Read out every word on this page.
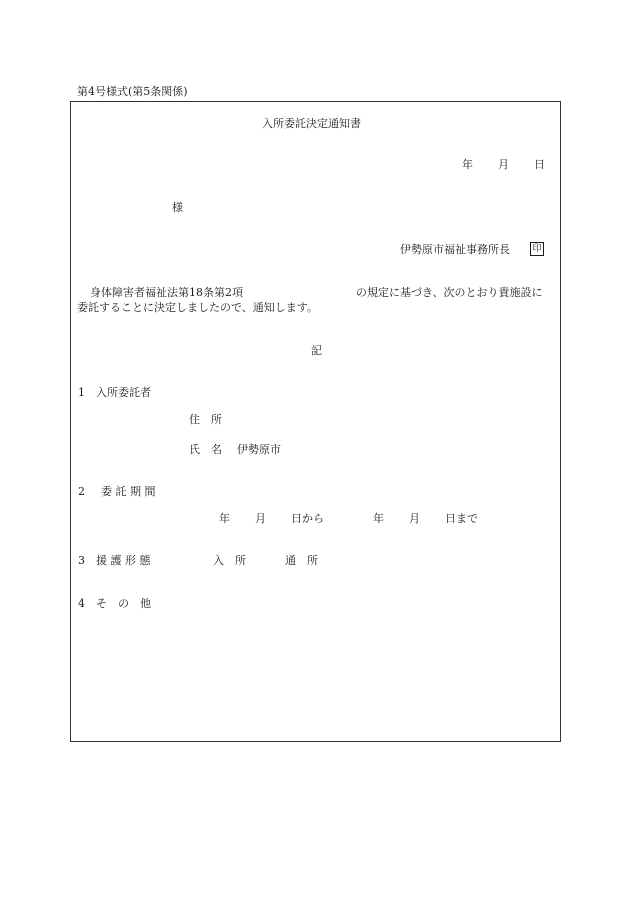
第4号様式(第5条関係)
入所委託決定通知書
年 月 日
様
伊勢原市福祉事務所長 印
身体障害者福祉法第18条第2項	の規定に基づき、次のとおり貴施設に
委託することに決定しましたので、通知します。
記
1 入所委託者
住　所
氏　名 伊勢原市
2 委 託 期 間
年 月 日から	年 月 日まで
3 援 護 形 態	入　所	通　所
4 そ　の　他
